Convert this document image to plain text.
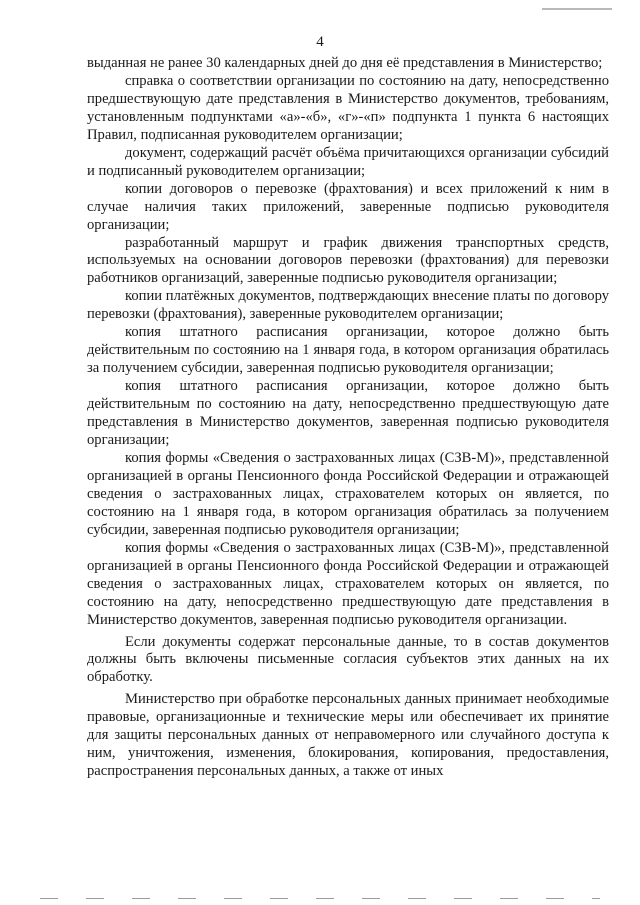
4

выданная не ранее 30 календарных дней до дня её представления в Министерство;

справка о соответствии организации по состоянию на дату, непосредственно предшествующую дате представления в Министерство документов, требованиям, установленным подпунктами «а»-«б», «г»-«п» подпункта 1 пункта 6 настоящих Правил, подписанная руководителем организации;

документ, содержащий расчёт объёма причитающихся организации субсидий и подписанный руководителем организации;

копии договоров о перевозке (фрахтования) и всех приложений к ним в случае наличия таких приложений, заверенные подписью руководителя организации;

разработанный маршрут и график движения транспортных средств, используемых на основании договоров перевозки (фрахтования) для перевозки работников организаций, заверенные подписью руководителя организации;

копии платёжных документов, подтверждающих внесение платы по договору перевозки (фрахтования), заверенные руководителем организации;

копия штатного расписания организации, которое должно быть действительным по состоянию на 1 января года, в котором организация обратилась за получением субсидии, заверенная подписью руководителя организации;

копия штатного расписания организации, которое должно быть действительным по состоянию на дату, непосредственно предшествующую дате представления в Министерство документов, заверенная подписью руководителя организации;

копия формы «Сведения о застрахованных лицах (СЗВ-М)», представленной организацией в органы Пенсионного фонда Российской Федерации и отражающей сведения о застрахованных лицах, страхователем которых он является, по состоянию на 1 января года, в котором организация обратилась за получением субсидии, заверенная подписью руководителя организации;

копия формы «Сведения о застрахованных лицах (СЗВ-М)», представленной организацией в органы Пенсионного фонда Российской Федерации и отражающей сведения о застрахованных лицах, страхователем которых он является, по состоянию на дату, непосредственно предшествующую дате представления в Министерство документов, заверенная подписью руководителя организации.

Если документы содержат персональные данные, то в состав документов должны быть включены письменные согласия субъектов этих данных на их обработку.

Министерство при обработке персональных данных принимает необходимые правовые, организационные и технические меры или обеспечивает их принятие для защиты персональных данных от неправомерного или случайного доступа к ним, уничтожения, изменения, блокирования, копирования, предоставления, распространения персональных данных, а также от иных
